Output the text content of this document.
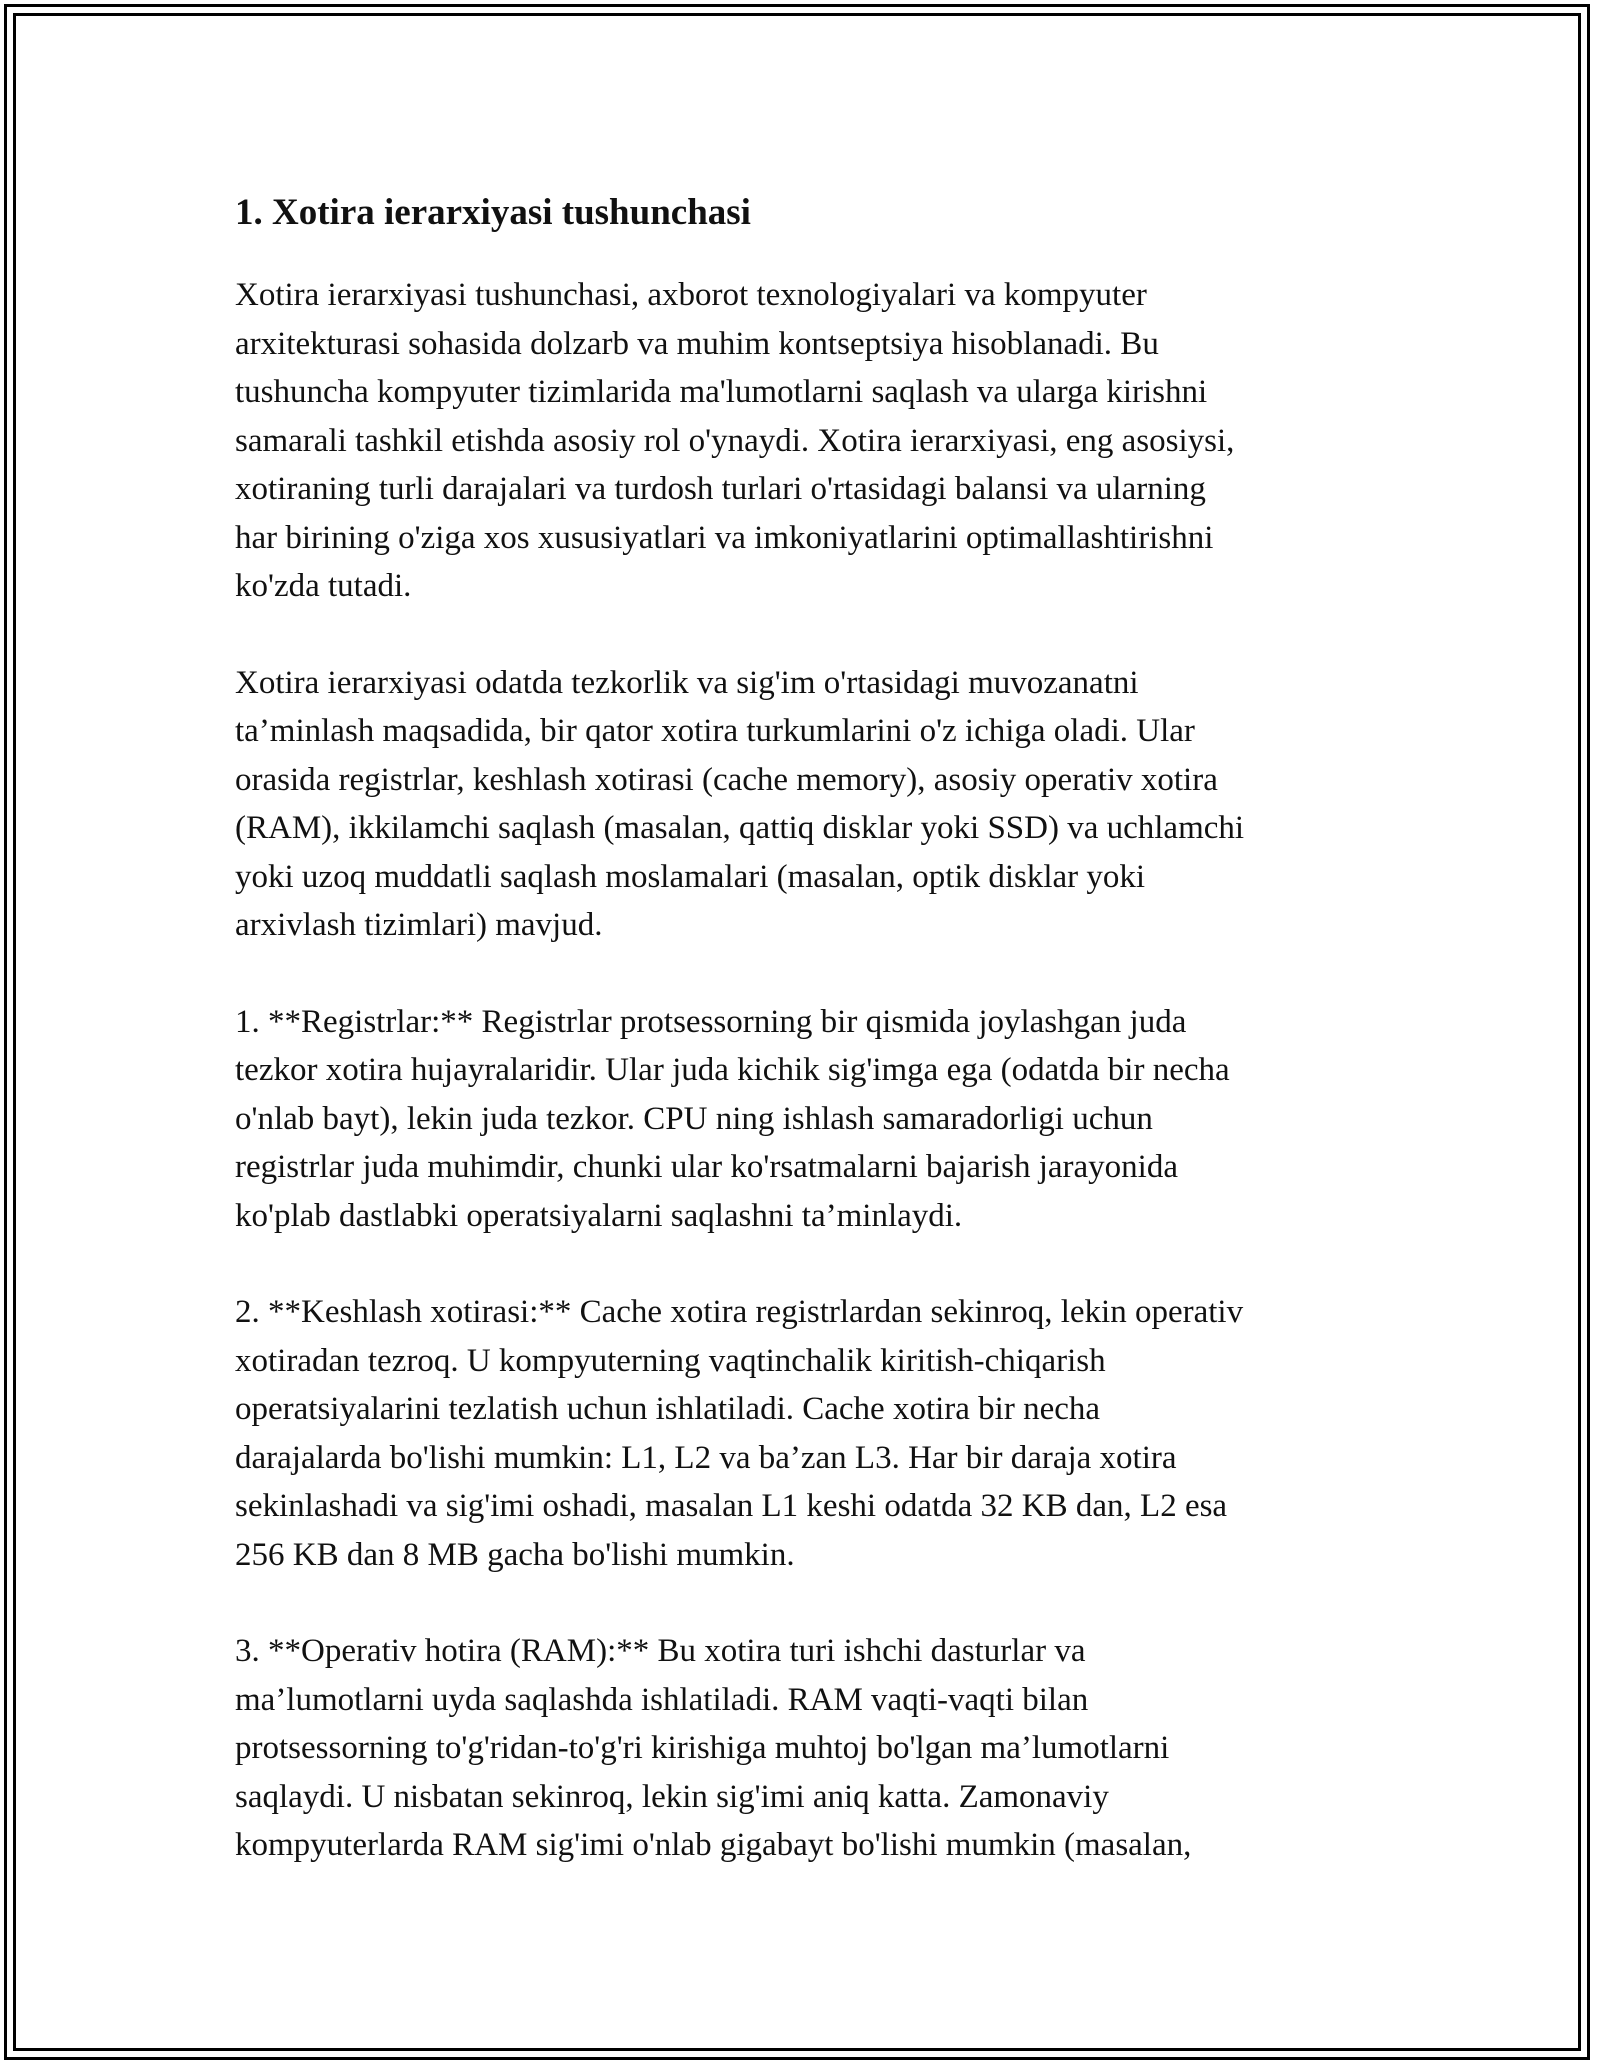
1. Xotira ierarxiyasi tushunchasi

Xotira ierarxiyasi tushunchasi, axborot texnologiyalari va kompyuter
arxitekturasi sohasida dolzarb va muhim kontseptsiya hisoblanadi. Bu
tushuncha kompyuter tizimlarida ma'lumotlarni saqlash va ularga kirishni
samarali tashkil etishda asosiy rol o'ynaydi. Xotira ierarxiyasi, eng asosiysi,
xotiraning turli darajalari va turdosh turlari o'rtasidagi balansi va ularning
har birining o'ziga xos xususiyatlari va imkoniyatlarini optimallashtirishni
ko'zda tutadi.

Xotira ierarxiyasi odatda tezkorlik va sig'im o'rtasidagi muvozanatni
ta’minlash maqsadida, bir qator xotira turkumlarini o'z ichiga oladi. Ular
orasida registrlar, keshlash xotirasi (cache memory), asosiy operativ xotira
(RAM), ikkilamchi saqlash (masalan, qattiq disklar yoki SSD) va uchlamchi
yoki uzoq muddatli saqlash moslamalari (masalan, optik disklar yoki
arxivlash tizimlari) mavjud.

1. **Registrlar:** Registrlar protsessorning bir qismida joylashgan juda
tezkor xotira hujayralaridir. Ular juda kichik sig'imga ega (odatda bir necha
o'nlab bayt), lekin juda tezkor. CPU ning ishlash samaradorligi uchun
registrlar juda muhimdir, chunki ular ko'rsatmalarni bajarish jarayonida
ko'plab dastlabki operatsiyalarni saqlashni ta’minlaydi.

2. **Keshlash xotirasi:** Cache xotira registrlardan sekinroq, lekin operativ
xotiradan tezroq. U kompyuterning vaqtinchalik kiritish-chiqarish
operatsiyalarini tezlatish uchun ishlatiladi. Cache xotira bir necha
darajalarda bo'lishi mumkin: L1, L2 va ba’zan L3. Har bir daraja xotira
sekinlashadi va sig'imi oshadi, masalan L1 keshi odatda 32 KB dan, L2 esa
256 KB dan 8 MB gacha bo'lishi mumkin.

3. **Operativ hotira (RAM):** Bu xotira turi ishchi dasturlar va
ma’lumotlarni uyda saqlashda ishlatiladi. RAM vaqti-vaqti bilan
protsessorning to'g'ridan-to'g'ri kirishiga muhtoj bo'lgan ma’lumotlarni
saqlaydi. U nisbatan sekinroq, lekin sig'imi aniq katta. Zamonaviy
kompyuterlarda RAM sig'imi o'nlab gigabayt bo'lishi mumkin (masalan,
